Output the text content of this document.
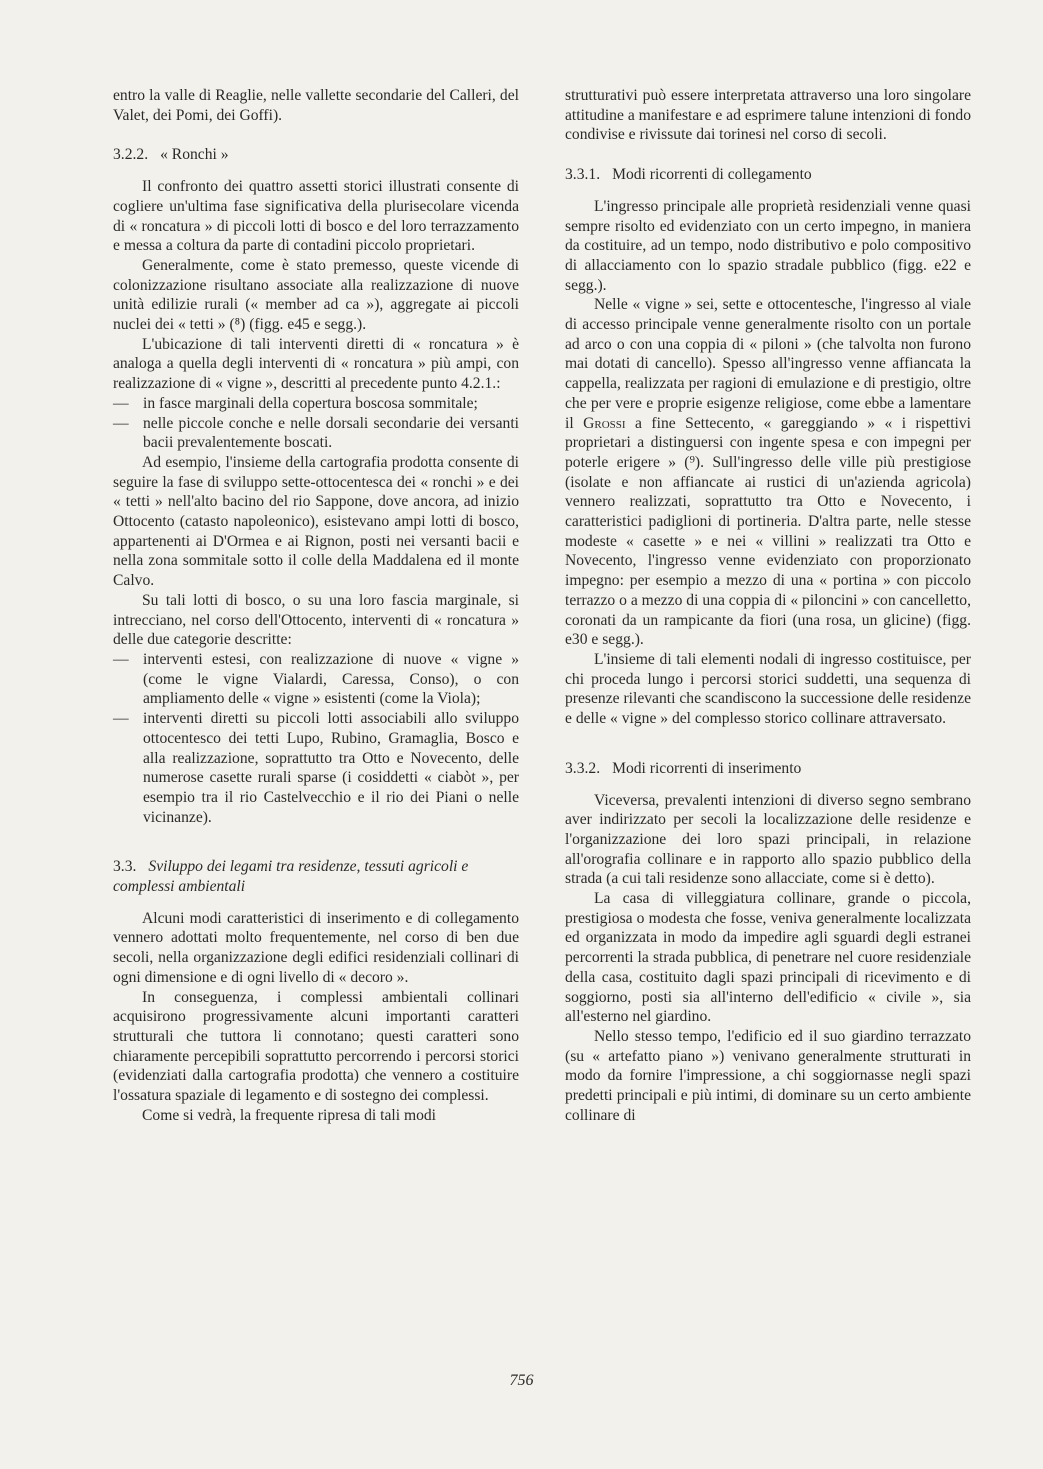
entro la valle di Reaglie, nelle vallette secondarie del Calleri, del Valet, dei Pomi, dei Goffi).

3.2.2. « Ronchi »

Il confronto dei quattro assetti storici illustrati consente di cogliere un'ultima fase significativa della plurisecolare vicenda di « roncatura » di piccoli lotti di bosco e del loro terrazzamento e messa a coltura da parte di contadini piccolo proprietari.

Generalmente, come è stato premesso, queste vicende di colonizzazione risultano associate alla realizzazione di nuove unità edilizie rurali (« member ad ca »), aggregate ai piccoli nuclei dei « tetti » (⁸) (figg. e45 e segg.).

L'ubicazione di tali interventi diretti di « roncatura » è analoga a quella degli interventi di « roncatura » più ampi, con realizzazione di « vigne », descritti al precedente punto 4.2.1.:

— in fasce marginali della copertura boscosa sommitale;

— nelle piccole conche e nelle dorsali secondarie dei versanti bacii prevalentemente boscati.

Ad esempio, l'insieme della cartografia prodotta consente di seguire la fase di sviluppo sette-ottocentesca dei « ronchi » e dei « tetti » nell'alto bacino del rio Sappone, dove ancora, ad inizio Ottocento (catasto napoleonico), esistevano ampi lotti di bosco, appartenenti ai D'Ormea e ai Rignon, posti nei versanti bacii e nella zona sommitale sotto il colle della Maddalena ed il monte Calvo.

Su tali lotti di bosco, o su una loro fascia marginale, si intrecciano, nel corso dell'Ottocento, interventi di « roncatura » delle due categorie descritte:

— interventi estesi, con realizzazione di nuove « vigne » (come le vigne Vialardi, Caressa, Conso), o con ampliamento delle « vigne » esistenti (come la Viola);

— interventi diretti su piccoli lotti associabili allo sviluppo ottocentesco dei tetti Lupo, Rubino, Gramaglia, Bosco e alla realizzazione, soprattutto tra Otto e Novecento, delle numerose casette rurali sparse (i cosiddetti « ciabòt », per esempio tra il rio Castelvecchio e il rio dei Piani o nelle vicinanze).

3.3. Sviluppo dei legami tra residenze, tessuti agricoli e complessi ambientali

Alcuni modi caratteristici di inserimento e di collegamento vennero adottati molto frequentemente, nel corso di ben due secoli, nella organizzazione degli edifici residenziali collinari di ogni dimensione e di ogni livello di « decoro ».

In conseguenza, i complessi ambientali collinari acquisirono progressivamente alcuni importanti caratteri strutturali che tuttora li connotano; questi caratteri sono chiaramente percepibili soprattutto percorrendo i percorsi storici (evidenziati dalla cartografia prodotta) che vennero a costituire l'ossatura spaziale di legamento e di sostegno dei complessi.

Come si vedrà, la frequente ripresa di tali modi

strutturativi può essere interpretata attraverso una loro singolare attitudine a manifestare e ad esprimere talune intenzioni di fondo condivise e rivissute dai torinesi nel corso di secoli.

3.3.1. Modi ricorrenti di collegamento

L'ingresso principale alle proprietà residenziali venne quasi sempre risolto ed evidenziato con un certo impegno, in maniera da costituire, ad un tempo, nodo distributivo e polo compositivo di allacciamento con lo spazio stradale pubblico (figg. e22 e segg.).

Nelle « vigne » sei, sette e ottocentesche, l'ingresso al viale di accesso principale venne generalmente risolto con un portale ad arco o con una coppia di « piloni » (che talvolta non furono mai dotati di cancello). Spesso all'ingresso venne affiancata la cappella, realizzata per ragioni di emulazione e di prestigio, oltre che per vere e proprie esigenze religiose, come ebbe a lamentare il Grossi a fine Settecento, « gareggiando » « i rispettivi proprietari a distinguersi con ingente spesa e con impegni per poterle erigere » (⁹). Sull'ingresso delle ville più prestigiose (isolate e non affiancate ai rustici di un'azienda agricola) vennero realizzati, soprattutto tra Otto e Novecento, i caratteristici padiglioni di portineria. D'altra parte, nelle stesse modeste « casette » e nei « villini » realizzati tra Otto e Novecento, l'ingresso venne evidenziato con proporzionato impegno: per esempio a mezzo di una « portina » con piccolo terrazzo o a mezzo di una coppia di « piloncini » con cancelletto, coronati da un rampicante da fiori (una rosa, un glicine) (figg. e30 e segg.).

L'insieme di tali elementi nodali di ingresso costituisce, per chi proceda lungo i percorsi storici suddetti, una sequenza di presenze rilevanti che scandiscono la successione delle residenze e delle « vigne » del complesso storico collinare attraversato.

3.3.2. Modi ricorrenti di inserimento

Viceversa, prevalenti intenzioni di diverso segno sembrano aver indirizzato per secoli la localizzazione delle residenze e l'organizzazione dei loro spazi principali, in relazione all'orografia collinare e in rapporto allo spazio pubblico della strada (a cui tali residenze sono allacciate, come si è detto).

La casa di villeggiatura collinare, grande o piccola, prestigiosa o modesta che fosse, veniva generalmente localizzata ed organizzata in modo da impedire agli sguardi degli estranei percorrenti la strada pubblica, di penetrare nel cuore residenziale della casa, costituito dagli spazi principali di ricevimento e di soggiorno, posti sia all'interno dell'edificio « civile », sia all'esterno nel giardino.

Nello stesso tempo, l'edificio ed il suo giardino terrazzato (su « artefatto piano ») venivano generalmente strutturati in modo da fornire l'impressione, a chi soggiornasse negli spazi predetti principali e più intimi, di dominare su un certo ambiente collinare di

756
